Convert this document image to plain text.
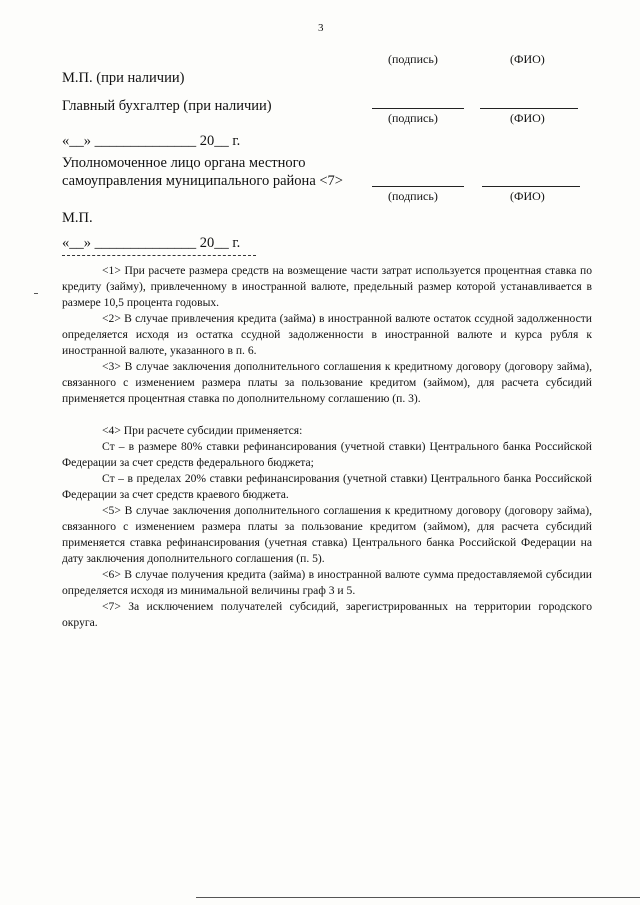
3
(подпись)	(ФИО)
М.П. (при наличии)
Главный бухгалтер (при наличии)
(подпись)	(ФИО)
«__» ______________ 20__ г.
Уполномоченное лицо органа местного
самоуправления муниципального района <7>
(подпись)	(ФИО)
М.П.
«__» ______________ 20__ г.

<1> При расчете размера средств на возмещение части затрат используется процентная ставка по кредиту (займу), привлеченному в иностранной валюте, предельный размер которой устанавливается в размере 10,5 процента годовых.

<2> В случае привлечения кредита (займа) в иностранной валюте остаток ссудной задолженности определяется исходя из остатка ссудной задолженности в иностранной валюте и курса рубля к иностранной валюте, указанного в п. 6.

<3> В случае заключения дополнительного соглашения к кредитному договору (договору займа), связанного с изменением размера платы за пользование кредитом (займом), для расчета субсидий применяется процентная ставка по дополнительному соглашению (п. 3).

<4> При расчете субсидии применяется:

Ст – в размере 80% ставки рефинансирования (учетной ставки) Центрального банка Российской Федерации за счет средств федерального бюджета;

Ст – в пределах 20% ставки рефинансирования (учетной ставки) Центрального банка Российской Федерации за счет средств краевого бюджета.

<5> В случае заключения дополнительного соглашения к кредитному договору (договору займа), связанного с изменением размера платы за пользование кредитом (займом), для расчета субсидий применяется ставка рефинансирования (учетная ставка) Центрального банка Российской Федерации на дату заключения дополнительного соглашения (п. 5).

<6> В случае получения кредита (займа) в иностранной валюте сумма предоставляемой субсидии определяется исходя из минимальной величины граф 3 и 5.

<7> За исключением получателей субсидий, зарегистрированных на территории городского округа.
